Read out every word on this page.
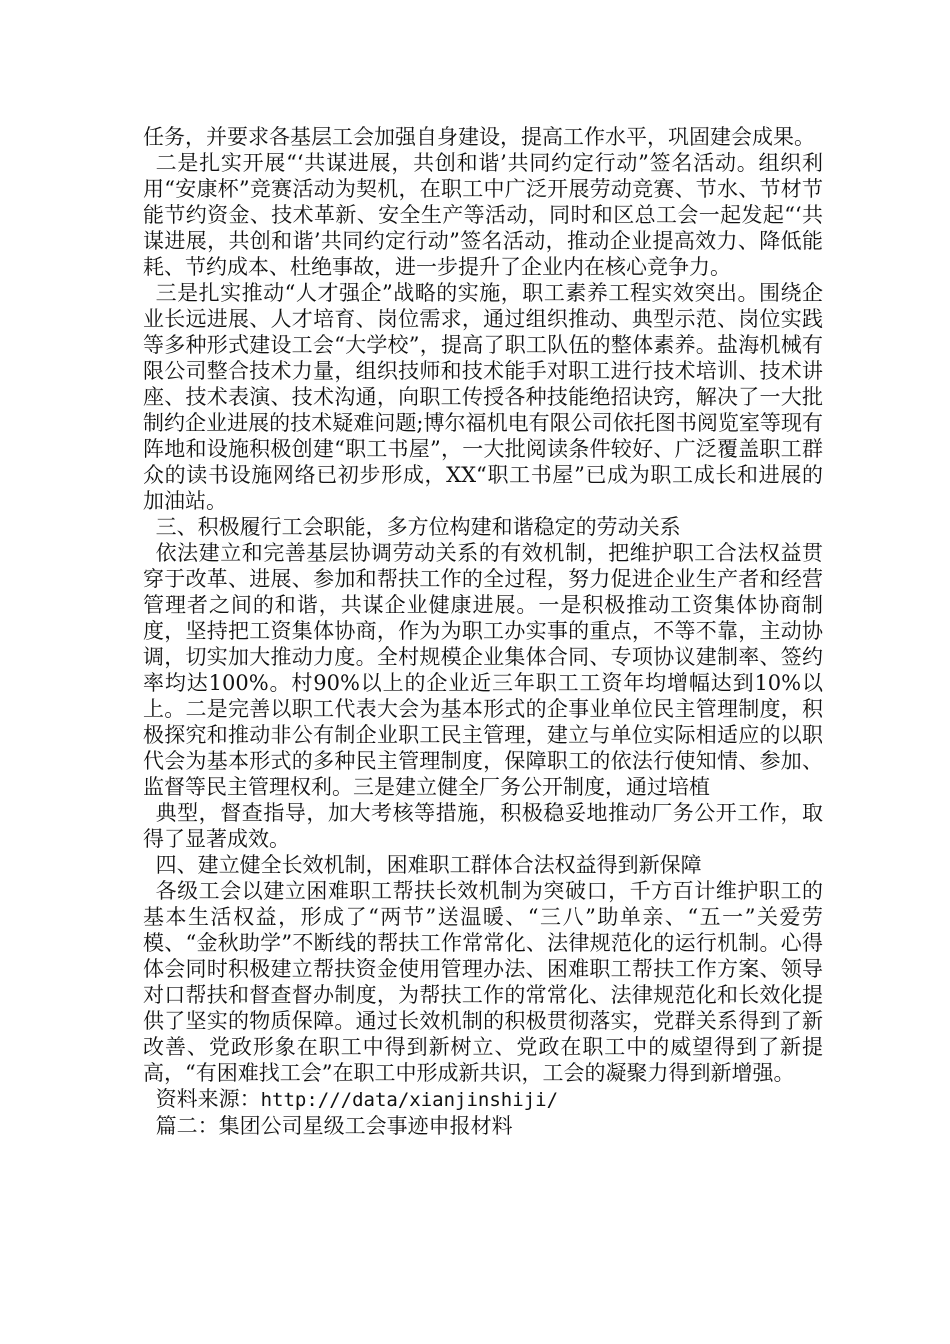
任务，并要求各基层工会加强自身建设，提高工作水平，巩固建会成果。

二是扎实开展“‘共谋进展，共创和谐’共同约定行动”签名活动。组织利用“安康杯”竞赛活动为契机，在职工中广泛开展劳动竞赛、节水、节材节能节约资金、技术革新、安全生产等活动，同时和区总工会一起发起“‘共谋进展，共创和谐’共同约定行动”签名活动，推动企业提高效力、降低能耗、节约成本、杜绝事故，进一步提升了企业内在核心竞争力。

三是扎实推动“人才强企”战略的实施，职工素养工程实效突出。围绕企业长远进展、人才培育、岗位需求，通过组织推动、典型示范、岗位实践等多种形式建设工会“大学校”，提高了职工队伍的整体素养。盐海机械有限公司整合技术力量，组织技师和技术能手对职工进行技术培训、技术讲座、技术表演、技术沟通，向职工传授各种技能绝招诀窍，解决了一大批制约企业进展的技术疑难问题;博尔福机电有限公司依托图书阅览室等现有阵地和设施积极创建“职工书屋”，一大批阅读条件较好、广泛覆盖职工群众的读书设施网络已初步形成，XX“职工书屋”已成为职工成长和进展的加油站。

三、积极履行工会职能，多方位构建和谐稳定的劳动关系

依法建立和完善基层协调劳动关系的有效机制，把维护职工合法权益贯穿于改革、进展、参加和帮扶工作的全过程，努力促进企业生产者和经营管理者之间的和谐，共谋企业健康进展。一是积极推动工资集体协商制度，坚持把工资集体协商，作为为职工办实事的重点，不等不靠，主动协调，切实加大推动力度。全村规模企业集体合同、专项协议建制率、签约率均达100%。村90%以上的企业近三年职工工资年均增幅达到10%以上。二是完善以职工代表大会为基本形式的企事业单位民主管理制度，积极探究和推动非公有制企业职工民主管理，建立与单位实际相适应的以职代会为基本形式的多种民主管理制度，保障职工的依法行使知情、参加、监督等民主管理权利。三是建立健全厂务公开制度，通过培植

典型，督查指导，加大考核等措施，积极稳妥地推动厂务公开工作，取得了显著成效。

四、建立健全长效机制，困难职工群体合法权益得到新保障

各级工会以建立困难职工帮扶长效机制为突破口，千方百计维护职工的基本生活权益，形成了“两节”送温暖、“三八”助单亲、“五一”关爱劳模、“金秋助学”不断线的帮扶工作常常化、法律规范化的运行机制。心得体会同时积极建立帮扶资金使用管理办法、困难职工帮扶工作方案、领导对口帮扶和督查督办制度，为帮扶工作的常常化、法律规范化和长效化提供了坚实的物质保障。通过长效机制的积极贯彻落实，党群关系得到了新改善、党政形象在职工中得到新树立、党政在职工中的威望得到了新提高，“有困难找工会”在职工中形成新共识，工会的凝聚力得到新增强。

资料来源：http:///data/xianjinshiji/

篇二：集团公司星级工会事迹申报材料
